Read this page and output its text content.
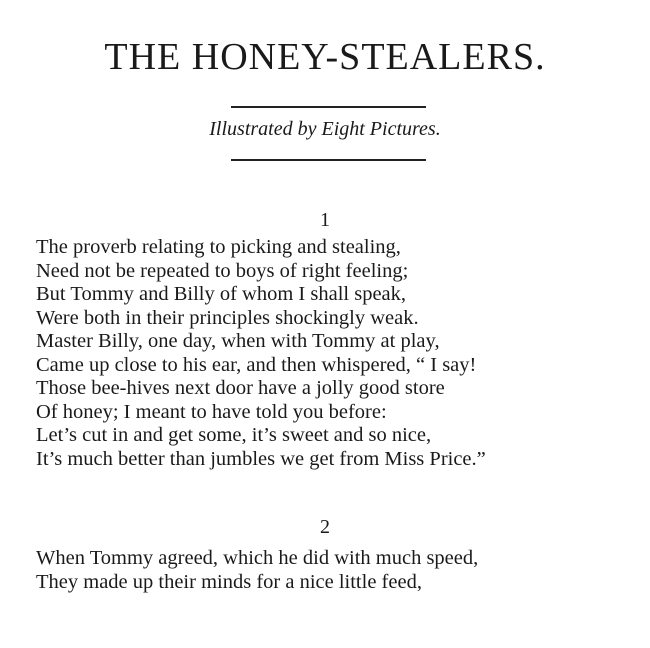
THE HONEY-STEALERS.

Illustrated by Eight Pictures.

1
The proverb relating to picking and stealing,
Need not be repeated to boys of right feeling;
But Tommy and Billy of whom I shall speak,
Were both in their principles shockingly weak.
Master Billy, one day, when with Tommy at play,
Came up close to his ear, and then whispered, “ I say!
Those bee-hives next door have a jolly good store
Of honey; I meant to have told you before:
Let’s cut in and get some, it’s sweet and so nice,
It’s much better than jumbles we get from Miss Price.”
2
When Tommy agreed, which he did with much speed,
They made up their minds for a nice little feed,
